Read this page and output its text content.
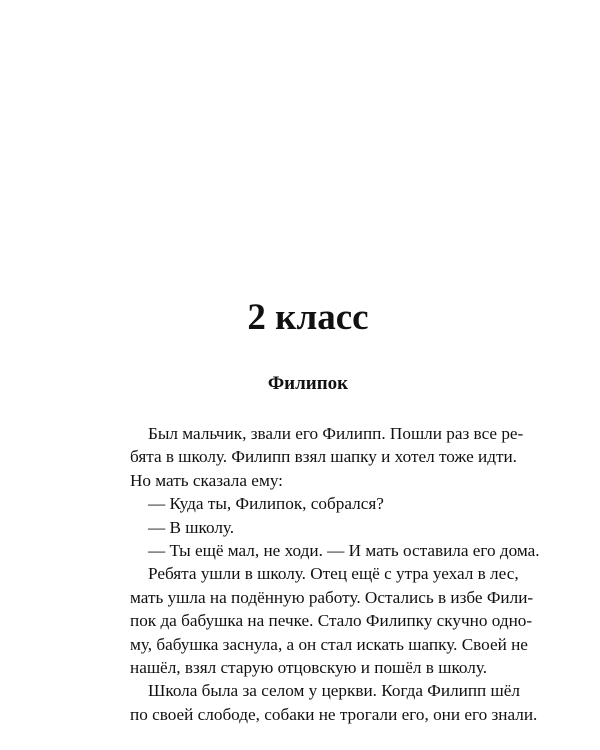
2 класс
Филипок
Был мальчик, звали его Филипп. Пошли раз все ре-
бята в школу. Филипп взял шапку и хотел тоже идти.
Но мать сказала ему:
— Куда ты, Филипок, собрался?
— В школу.
— Ты ещё мал, не ходи. — И мать оставила его дома.
Ребята ушли в школу. Отец ещё с утра уехал в лес,
мать ушла на подённую работу. Остались в избе Фили-
пок да бабушка на печке. Стало Филипку скучно одно-
му, бабушка заснула, а он стал искать шапку. Своей не
нашёл, взял старую отцовскую и пошёл в школу.
Школа была за селом у церкви. Когда Филипп шёл
по своей слободе, собаки не трогали его, они его знали.
